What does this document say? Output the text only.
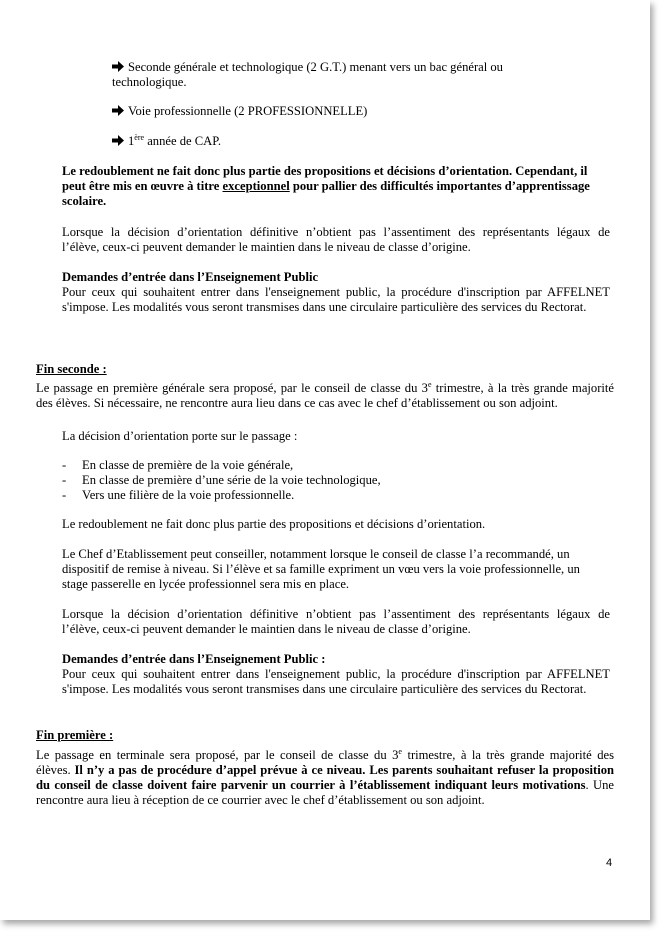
Seconde générale et technologique (2 G.T.) menant vers un bac général ou

technologique.

Voie professionnelle (2 PROFESSIONNELLE)

1ère année de CAP.

Le redoublement ne fait donc plus partie des propositions et décisions d’orientation. Cependant, il
peut être mis en œuvre à titre exceptionnel pour pallier des difficultés importantes d’apprentissage
scolaire.
Lorsque la décision d’orientation définitive n’obtient pas l’assentiment des représentants légaux de
l’élève, ceux-ci peuvent demander le maintien dans le niveau de classe d’origine.
Demandes d’entrée dans l’Enseignement Public
Pour ceux qui souhaitent entrer dans l'enseignement public, la procédure d'inscription par AFFELNET
s'impose. Les modalités vous seront transmises dans une circulaire particulière des services du Rectorat.

Fin seconde :

Le passage en première générale sera proposé, par le conseil de classe du 3e trimestre, à la très grande majorité
des élèves. Si nécessaire, ne rencontre aura lieu dans ce cas avec le chef d’établissement ou son adjoint.

La décision d’orientation porte sur le passage :

- En classe de première de la voie générale,
- En classe de première d’une série de la voie technologique,
- Vers une filière de la voie professionnelle.

Le redoublement ne fait donc plus partie des propositions et décisions d’orientation.

Le Chef d’Etablissement peut conseiller, notamment lorsque le conseil de classe l’a recommandé, un
dispositif de remise à niveau. Si l’élève et sa famille expriment un vœu vers la voie professionnelle, un
stage passerelle en lycée professionnel sera mis en place.
Lorsque la décision d’orientation définitive n’obtient pas l’assentiment des représentants légaux de
l’élève, ceux-ci peuvent demander le maintien dans le niveau de classe d’origine.
Demandes d’entrée dans l’Enseignement Public :
Pour ceux qui souhaitent entrer dans l'enseignement public, la procédure d'inscription par AFFELNET
s'impose. Les modalités vous seront transmises dans une circulaire particulière des services du Rectorat.

Fin première :

Le passage en terminale sera proposé, par le conseil de classe du 3e trimestre, à la très grande majorité des
élèves. Il n’y a pas de procédure d’appel prévue à ce niveau. Les parents souhaitant refuser la proposition
du conseil de classe doivent faire parvenir un courrier à l’établissement indiquant leurs motivations. Une
rencontre aura lieu à réception de ce courrier avec le chef d’établissement ou son adjoint.
4
